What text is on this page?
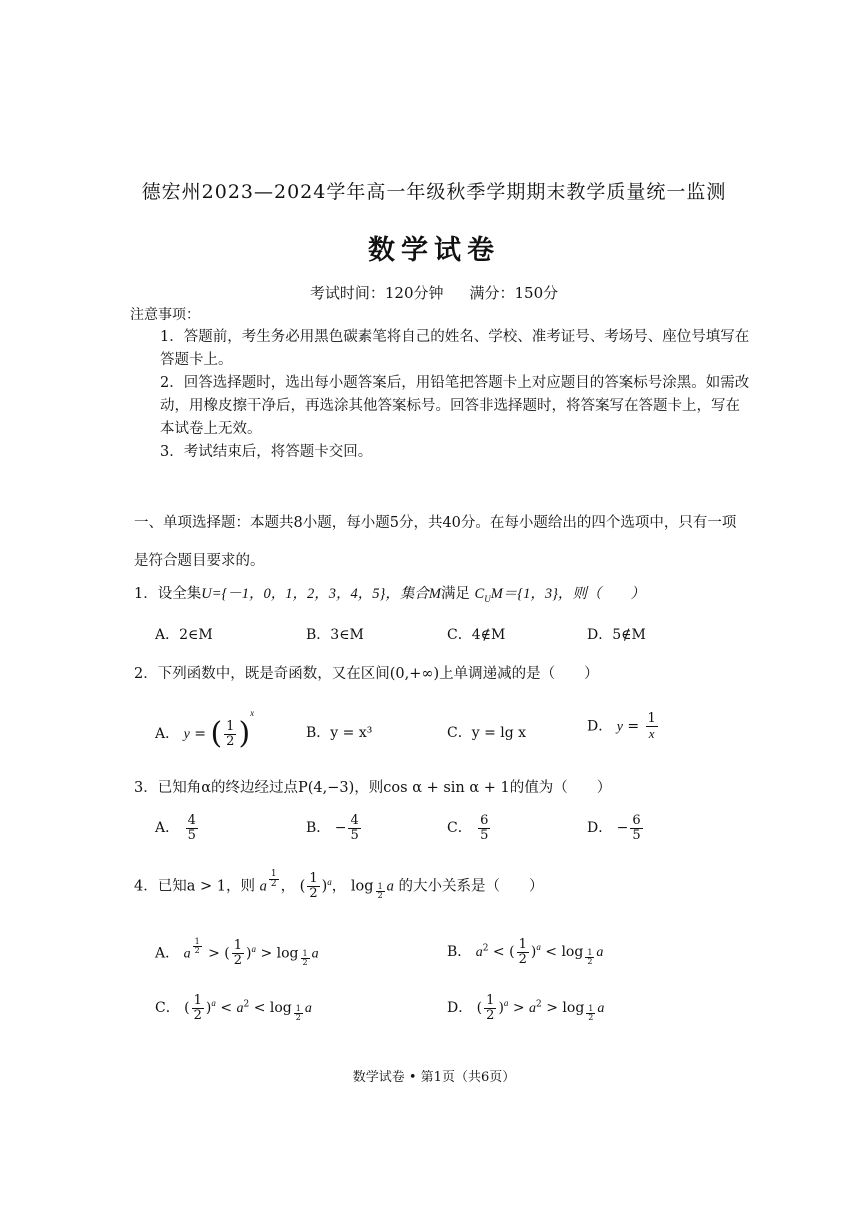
德宏州2023—2024学年高一年级秋季学期期末教学质量统一监测
数学试卷
考试时间：120分钟 满分：150分
注意事项：
1．答题前，考生务必用黑色碳素笔将自己的姓名、学校、准考证号、考场号、座位号填写在答题卡上。
2．回答选择题时，选出每小题答案后，用铅笔把答题卡上对应题目的答案标号涂黑。如需改动，用橡皮擦干净后，再选涂其他答案标号。回答非选择题时，将答案写在答题卡上，写在本试卷上无效。
3．考试结束后，将答题卡交回。
一、单项选择题：本题共8小题，每小题5分，共40分。在每小题给出的四个选项中，只有一项是符合题目要求的。
1．设全集U={－1，0，1，2，3，4，5}，集合M满足 $C_UM=\{1$，3}，则（　　）
A．2∈M	B．3∈M	C．4∉M	D．5∉M
2．下列函数中，既是奇函数，又在区间(0,+∞)上单调递减的是（　　）
A． y = ( $\frac{1}{2} )^x$
B．y = x³	C．y = lg x	D． $y = \frac{1}{x}$
3．已知角α的终边经过点P(4,−3)，则cos α + sin α + 1的值为（　　）
A． $\frac{4}{5}$	B． − $\frac{4}{5}$	C． $\frac{6}{5}$	D． − $\frac{6}{5}$
4．已知a > 1，则 a $^{\frac{1}{2}}$ ， ( $\frac{1}{2} )^a$， log $_{\frac{1}{2}}$ a 的大小关系是（　　）
A． a $^{\frac{1}{2}}$ > ( $\frac{1}{2} )^a > \log _{\frac{1}{2}}$ a	B． $a^2$ < ( $\frac{1}{2} )^a < \log _{\frac{1}{2}}$ a
C． ( $\frac{1}{2} )^a < a^2 < \log _{\frac{1}{2}}$ a	D． ( $\frac{1}{2} )^a > a^2 > \log _{\frac{1}{2}}$ a
数学试卷 • 第1页（共6页）
